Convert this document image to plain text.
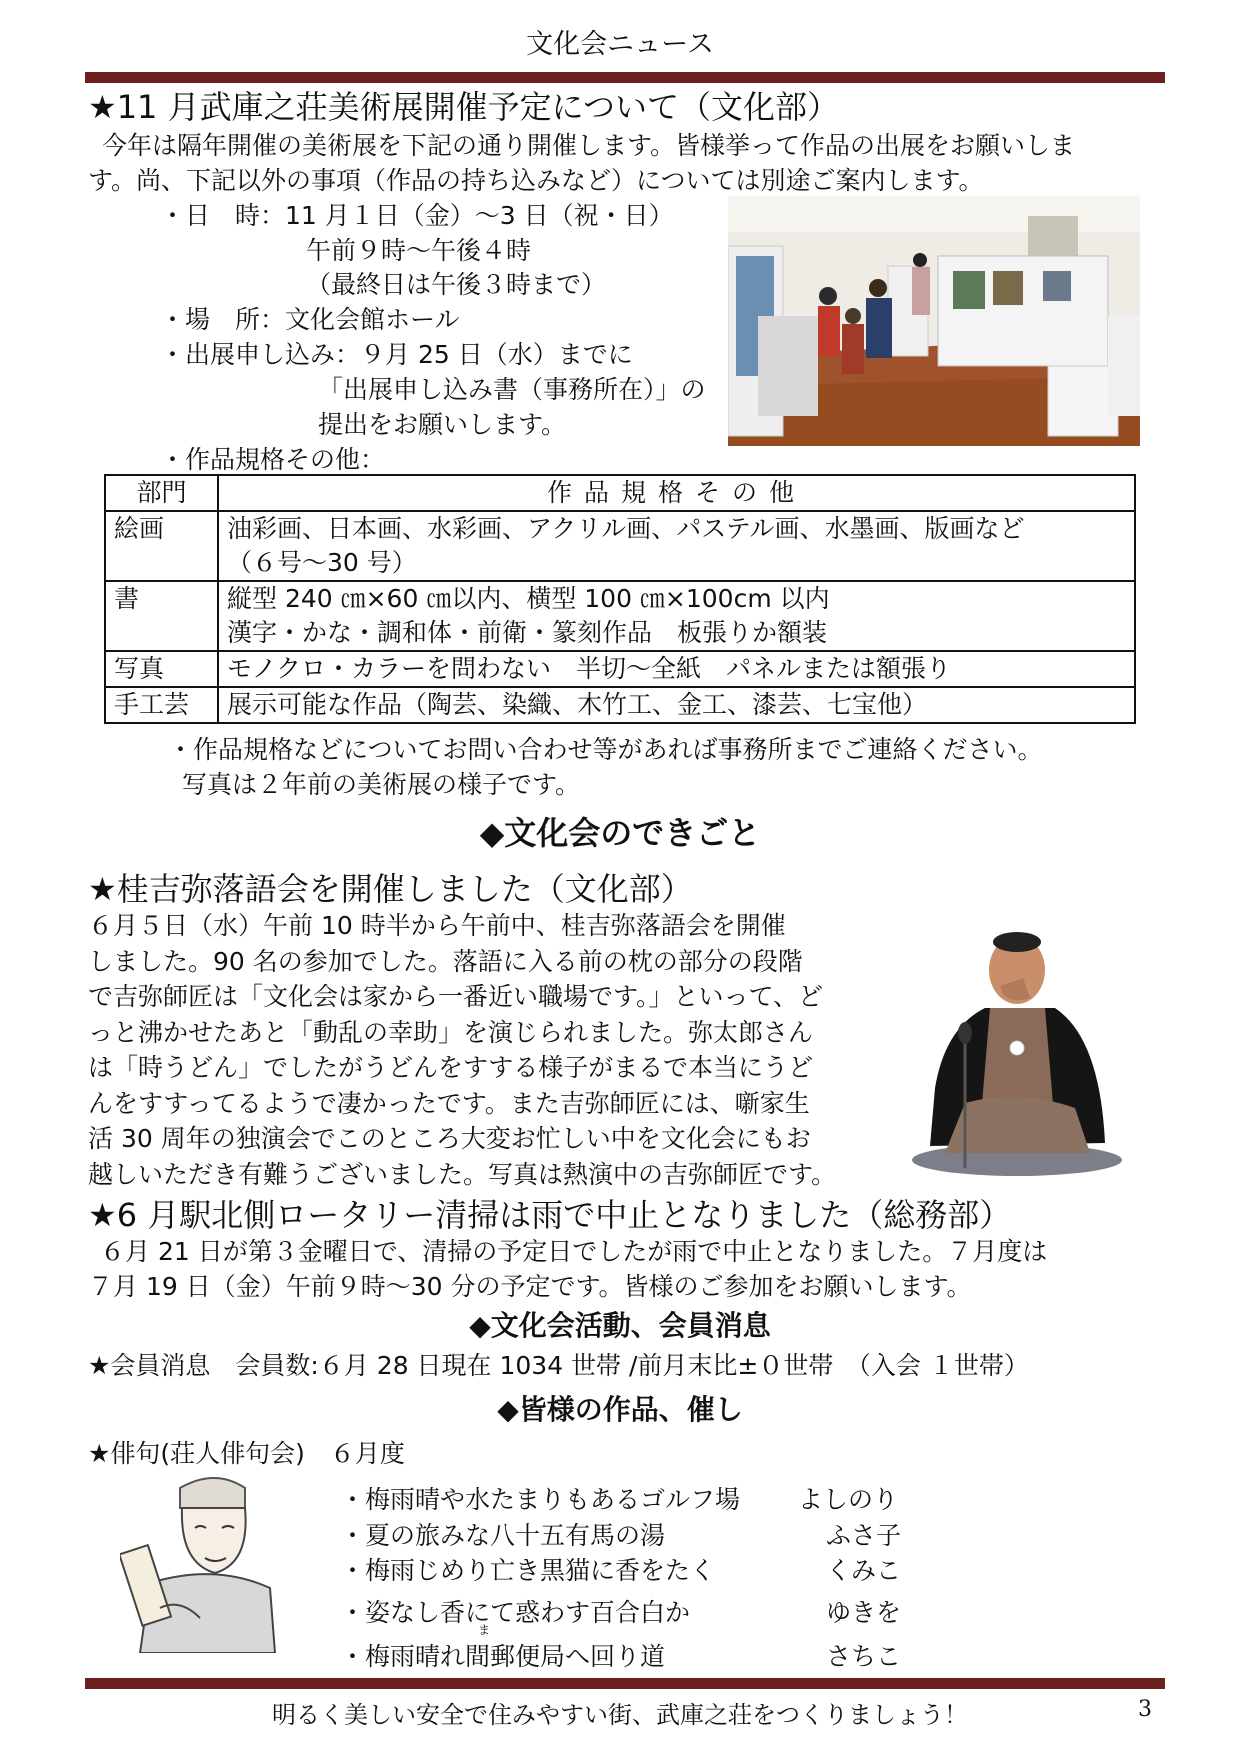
文化会ニュース
★11 月武庫之荘美術展開催予定について（文化部）
今年は隔年開催の美術展を下記の通り開催します。皆様挙って作品の出展をお願いしま
す。尚、下記以外の事項（作品の持ち込みなど）については別途ご案内します。
・日　時：11 月１日（金）～3 日（祝・日）
午前９時～午後４時
（最終日は午後３時まで）
・場　所：文化会館ホール
・出展申し込み：９月 25 日（水）までに
「出展申し込み書（事務所在）」の
提出をお願いします。
・作品規格その他：
部門	作品規格その他
絵画	油彩画、日本画、水彩画、アクリル画、パステル画、水墨画、版画など
（６号～30 号）

書	縦型 240 ㎝×60 ㎝以内、横型 100 ㎝×100cm 以内
漢字・かな・調和体・前衛・篆刻作品　板張りか額装

写真	モノクロ・カラーを問わない　半切～全紙　パネルまたは額張り

手工芸	展示可能な作品（陶芸、染織、木竹工、金工、漆芸、七宝他）
・作品規格などについてお問い合わせ等があれば事務所までご連絡ください。
写真は２年前の美術展の様子です。
◆文化会のできごと
★桂吉弥落語会を開催しました（文化部）
６月５日（水）午前 10 時半から午前中、桂吉弥落語会を開催
しました。90 名の参加でした。落語に入る前の枕の部分の段階
で吉弥師匠は「文化会は家から一番近い職場です。」といって、ど
っと沸かせたあと「動乱の幸助」を演じられました。弥太郎さん
は「時うどん」でしたがうどんをすする様子がまるで本当にうど
んをすすってるようで凄かったです。また吉弥師匠には、噺家生
活 30 周年の独演会でこのところ大変お忙しい中を文化会にもお
越しいただき有難うございました。写真は熱演中の吉弥師匠です。
★6 月駅北側ロータリー清掃は雨で中止となりました（総務部）
６月 21 日が第３金曜日で、清掃の予定日でしたが雨で中止となりました。７月度は
７月 19 日（金）午前９時～30 分の予定です。皆様のご参加をお願いします。
◆文化会活動、会員消息
★会員消息　会員数:６月 28 日現在 1034 世帯 /前月末比±０世帯　（入会 １世帯）
◆皆様の作品、催し
★俳句(荘人俳句会)　６月度
・梅雨晴や水たまりもあるゴルフ場 よしのり
・夏の旅みな八十五有馬の湯	ふさ子
・梅雨じめり亡き黒猫に香をたく	くみこ
・姿なし香にて惑わす百合白か	ゆきを
ま
・梅雨晴れ間郵便局へ回り道	さちこ
明るく美しい安全で住みやすい街、武庫之荘をつくりましょう！	3
